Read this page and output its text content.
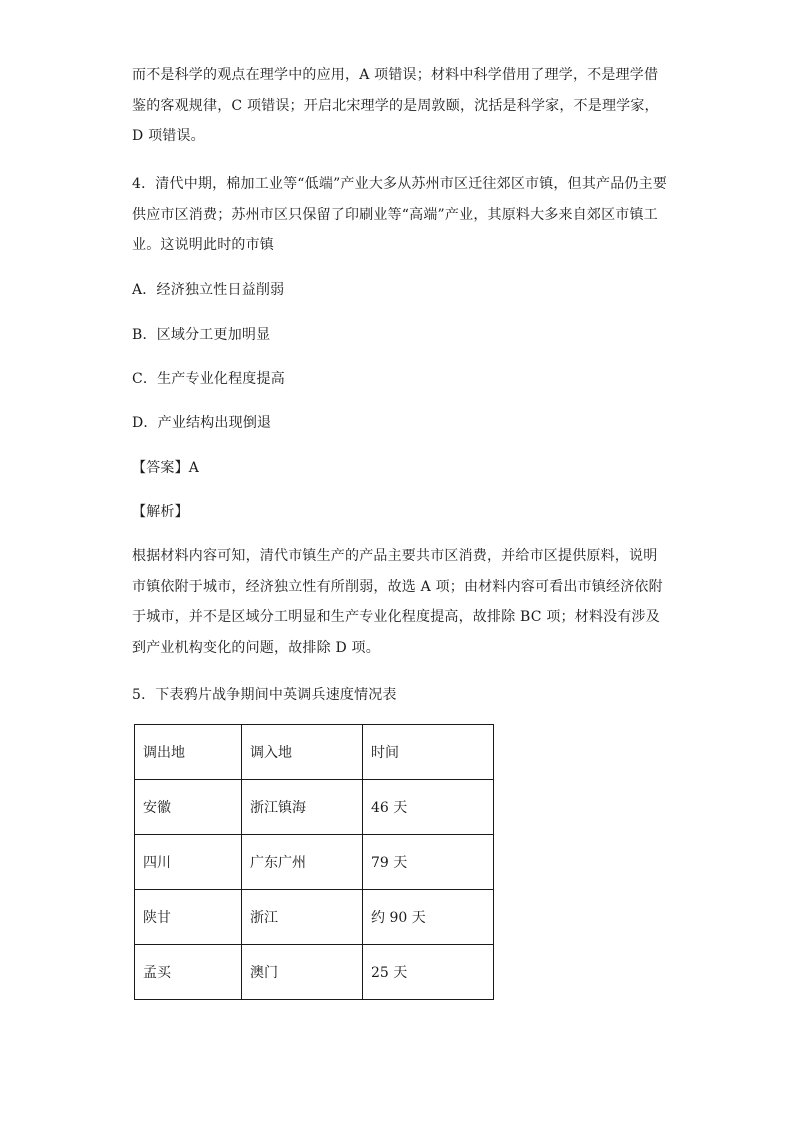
而不是科学的观点在理学中的应用，A 项错误；材料中科学借用了理学，不是理学借
鉴的客观规律，C 项错误；开启北宋理学的是周敦颐，沈括是科学家，不是理学家，
D 项错误。

4．清代中期，棉加工业等“低端”产业大多从苏州市区迁往郊区市镇，但其产品仍主要
供应市区消费；苏州市区只保留了印刷业等“高端”产业，其原料大多来自郊区市镇工
业。这说明此时的市镇

A．经济独立性日益削弱

B．区域分工更加明显

C．生产专业化程度提高

D．产业结构出现倒退

【答案】A

【解析】

根据材料内容可知，清代市镇生产的产品主要共市区消费，并给市区提供原料，说明
市镇依附于城市，经济独立性有所削弱，故选 A 项；由材料内容可看出市镇经济依附
于城市，并不是区域分工明显和生产专业化程度提高，故排除 BC 项；材料没有涉及
到产业机构变化的问题，故排除 D 项。

5．下表鸦片战争期间中英调兵速度情况表

调出地	调入地	时间
安徽	浙江镇海	46 天
四川	广东广州	79 天
陕甘	浙江	约 90 天
孟买	澳门	25 天
